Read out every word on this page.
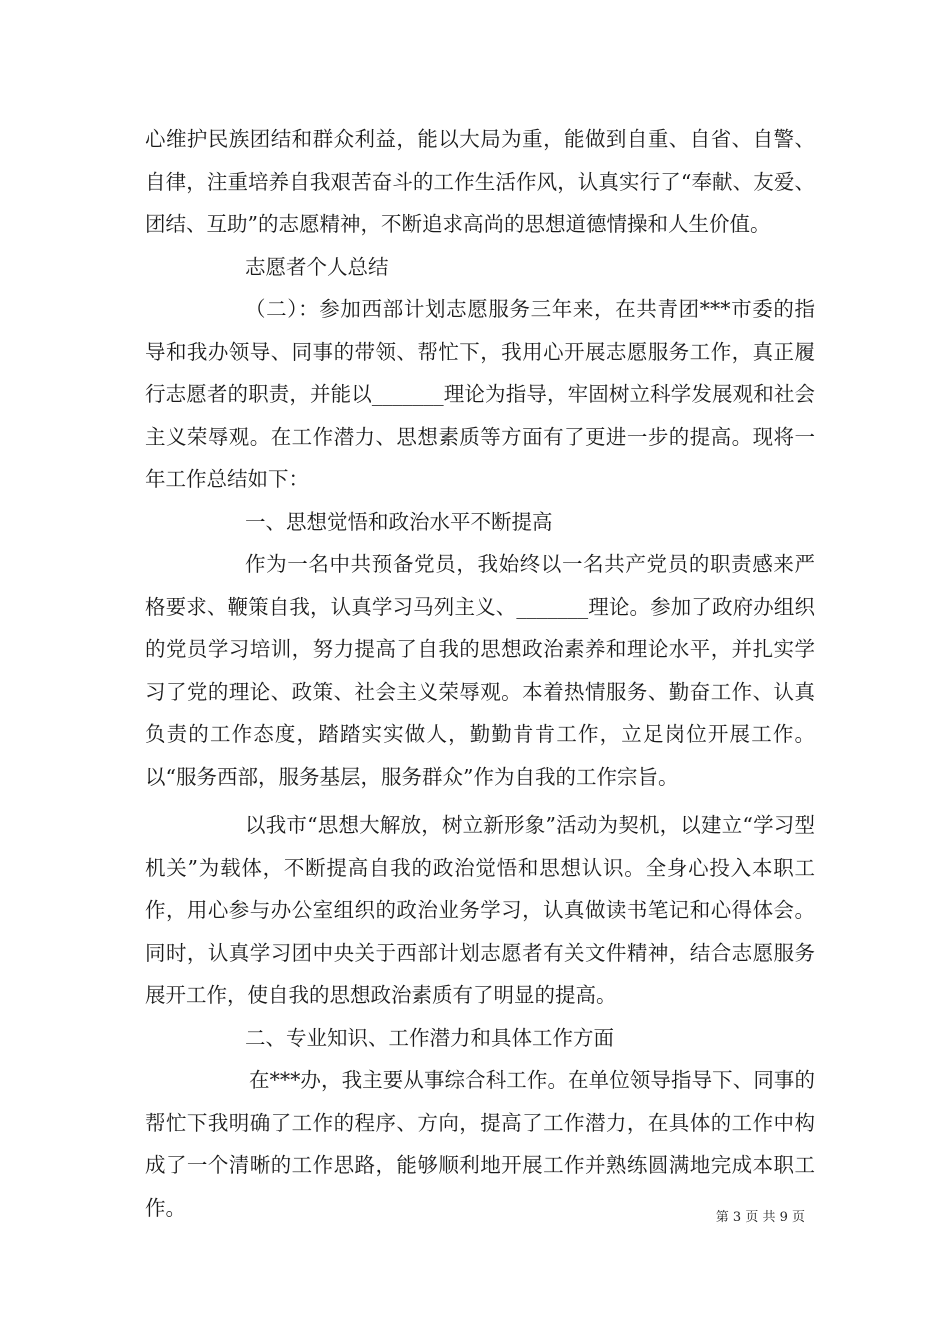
心维护民族团结和群众利益，能以大局为重，能做到自重、自省、自警、自律，注重培养自我艰苦奋斗的工作生活作风，认真实行了“奉献、友爱、团结、互助”的志愿精神，不断追求高尚的思想道德情操和人生价值。

志愿者个人总结

（二）：参加西部计划志愿服务三年来，在共青团***市委的指导和我办领导、同事的带领、帮忙下，我用心开展志愿服务工作，真正履行志愿者的职责，并能以_______理论为指导，牢固树立科学发展观和社会主义荣辱观。在工作潜力、思想素质等方面有了更进一步的提高。现将一年工作总结如下：

一、思想觉悟和政治水平不断提高

作为一名中共预备党员，我始终以一名共产党员的职责感来严格要求、鞭策自我，认真学习马列主义、_______理论。参加了政府办组织的党员学习培训，努力提高了自我的思想政治素养和理论水平，并扎实学习了党的理论、政策、社会主义荣辱观。本着热情服务、勤奋工作、认真负责的工作态度，踏踏实实做人，勤勤肯肯工作，立足岗位开展工作。以“服务西部，服务基层，服务群众”作为自我的工作宗旨。

以我市“思想大解放，树立新形象”活动为契机，以建立“学习型机关”为载体，不断提高自我的政治觉悟和思想认识。全身心投入本职工作，用心参与办公室组织的政治业务学习，认真做读书笔记和心得体会。同时，认真学习团中央关于西部计划志愿者有关文件精神，结合志愿服务展开工作，使自我的思想政治素质有了明显的提高。

二、专业知识、工作潜力和具体工作方面

在***办，我主要从事综合科工作。在单位领导指导下、同事的帮忙下我明确了工作的程序、方向，提高了工作潜力，在具体的工作中构成了一个清晰的工作思路，能够顺利地开展工作并熟练圆满地完成本职工作。	第 3 页 共 9 页
